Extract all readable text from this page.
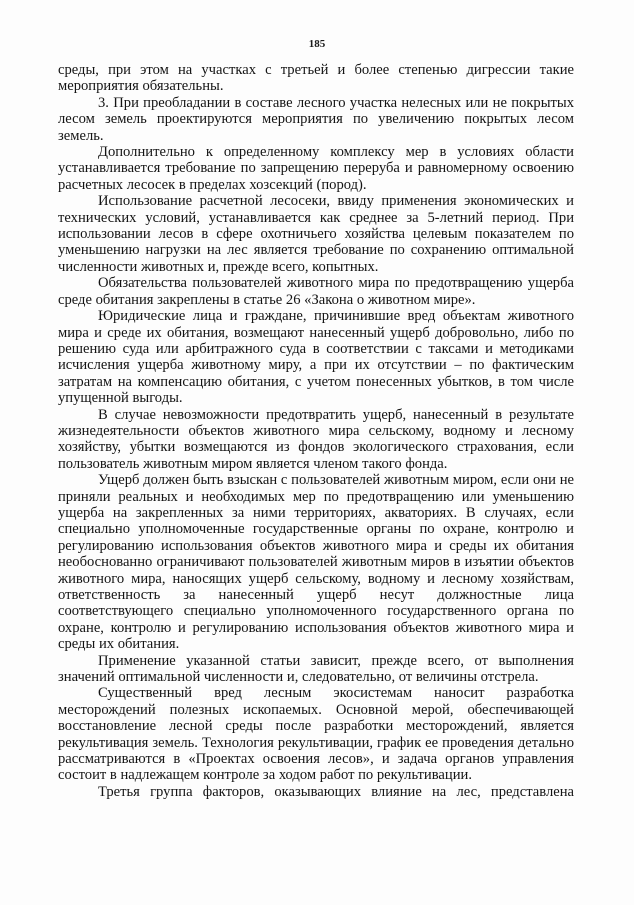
185

среды, при этом на участках с третьей и более степенью дигрессии такие мероприятия обязательны.

3. При преобладании в составе лесного участка нелесных или не покрытых лесом земель проектируются мероприятия по увеличению покрытых лесом земель.

Дополнительно к определенному комплексу мер в условиях области устанавливается требование по запрещению переруба и равномерному освоению расчетных лесосек в пределах хозсекций (пород).

Использование расчетной лесосеки, ввиду применения экономических и технических условий, устанавливается как среднее за 5-летний период. При использовании лесов в сфере охотничьего хозяйства целевым показателем по уменьшению нагрузки на лес является требование по сохранению оптимальной численности животных и, прежде всего, копытных.

Обязательства пользователей животного мира по предотвращению ущерба среде обитания закреплены в статье 26 «Закона о животном мире».

Юридические лица и граждане, причинившие вред объектам животного мира и среде их обитания, возмещают нанесенный ущерб добровольно, либо по решению суда или арбитражного суда в соответствии с таксами и методиками исчисления ущерба животному миру, а при их отсутствии – по фактическим затратам на компенсацию обитания, с учетом понесенных убытков, в том числе упущенной выгоды.

В случае невозможности предотвратить ущерб, нанесенный в результате жизнедеятельности объектов животного мира сельскому, водному и лесному хозяйству, убытки возмещаются из фондов экологического страхования, если пользователь животным миром является членом такого фонда.

Ущерб должен быть взыскан с пользователей животным миром, если они не приняли реальных и необходимых мер по предотвращению или уменьшению ущерба на закрепленных за ними территориях, акваториях. В случаях, если специально уполномоченные государственные органы по охране, контролю и регулированию использования объектов животного мира и среды их обитания необоснованно ограничивают пользователей животным миров в изъятии объектов животного мира, наносящих ущерб сельскому, водному и лесному хозяйствам, ответственность за нанесенный ущерб несут должностные лица соответствующего специально уполномоченного государственного органа по охране, контролю и регулированию использования объектов животного мира и среды их обитания.

Применение указанной статьи зависит, прежде всего, от выполнения значений оптимальной численности и, следовательно, от величины отстрела.

Существенный вред лесным экосистемам наносит разработка месторождений полезных ископаемых. Основной мерой, обеспечивающей восстановление лесной среды после разработки месторождений, является рекультивация земель. Технология рекультивации, график ее проведения детально рассматриваются в «Проектах освоения лесов», и задача органов управления состоит в надлежащем контроле за ходом работ по рекультивации.

Третья группа факторов, оказывающих влияние на лес, представлена
